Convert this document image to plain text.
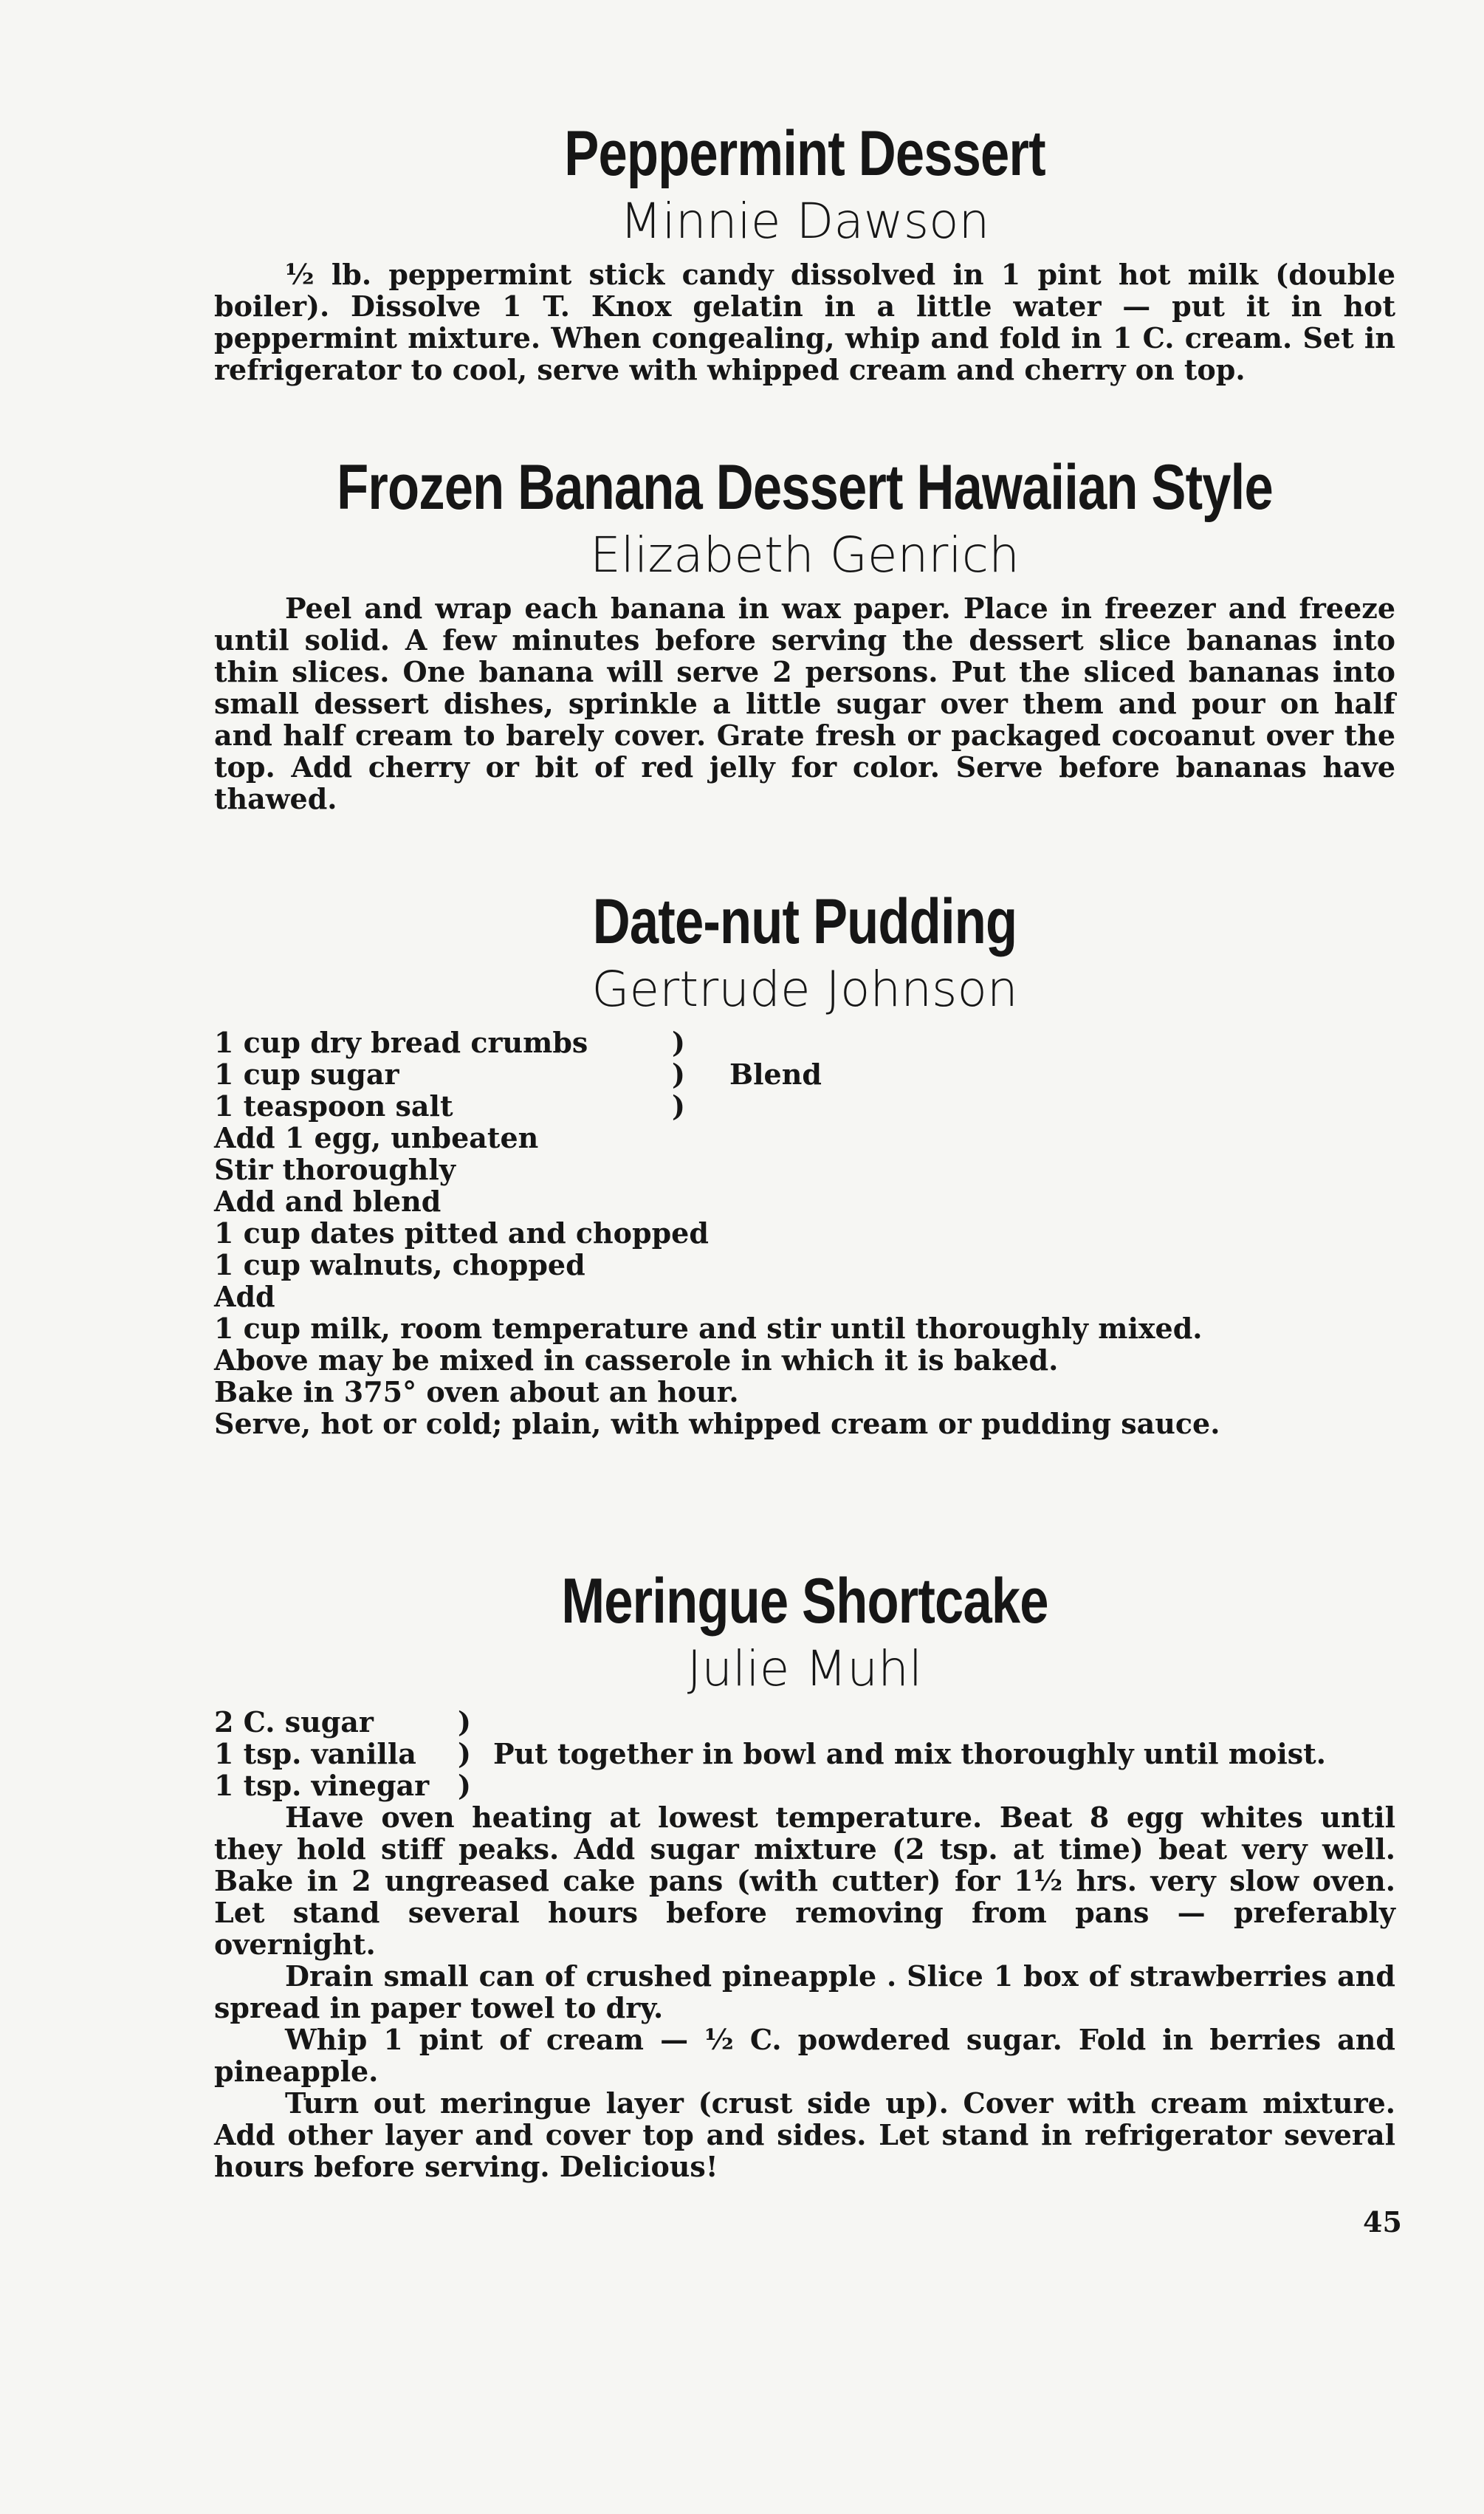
Peppermint Dessert
Minnie Dawson

½ lb. peppermint stick candy dissolved in 1 pint hot milk (double boiler). Dissolve 1 T. Knox gelatin in a little water — put it in hot peppermint mixture. When congealing, whip and fold in 1 C. cream. Set in refrigerator to cool, serve with whipped cream and cherry on top.

Frozen Banana Dessert Hawaiian Style
Elizabeth Genrich

Peel and wrap each banana in wax paper. Place in freezer and freeze until solid. A few minutes before serving the dessert slice bananas into thin slices. One banana will serve 2 persons. Put the sliced bananas into small dessert dishes, sprinkle a little sugar over them and pour on half and half cream to barely cover. Grate fresh or packaged cocoanut over the top. Add cherry or bit of red jelly for color. Serve before bananas have thawed.

Date-nut Pudding
Gertrude Johnson

1 cup dry bread crumbs

1 cup sugar

1 teaspoon salt

)
)
)
Blend

Add 1 egg, unbeaten

Stir thoroughly

Add and blend

1 cup dates pitted and chopped

1 cup walnuts, chopped

Add

1 cup milk, room temperature and stir until thoroughly mixed.

Above may be mixed in casserole in which it is baked.

Bake in 375° oven about an hour.

Serve, hot or cold; plain, with whipped cream or pudding sauce.

Meringue Shortcake
Julie Muhl

2 C. sugar

1 tsp. vanilla

1 tsp. vinegar

)
)
)
Put together in bowl and mix thoroughly until moist.

Have oven heating at lowest temperature. Beat 8 egg whites until they hold stiff peaks. Add sugar mixture (2 tsp. at time) beat very well. Bake in 2 ungreased cake pans (with cutter) for 1½ hrs. very slow oven. Let stand several hours before removing from pans — preferably overnight.

Drain small can of crushed pineapple . Slice 1 box of strawberries and spread in paper towel to dry.

Whip 1 pint of cream — ½ C. powdered sugar. Fold in berries and pineapple.

Turn out meringue layer (crust side up). Cover with cream mixture. Add other layer and cover top and sides. Let stand in refrigerator several hours before serving. Delicious!

45
